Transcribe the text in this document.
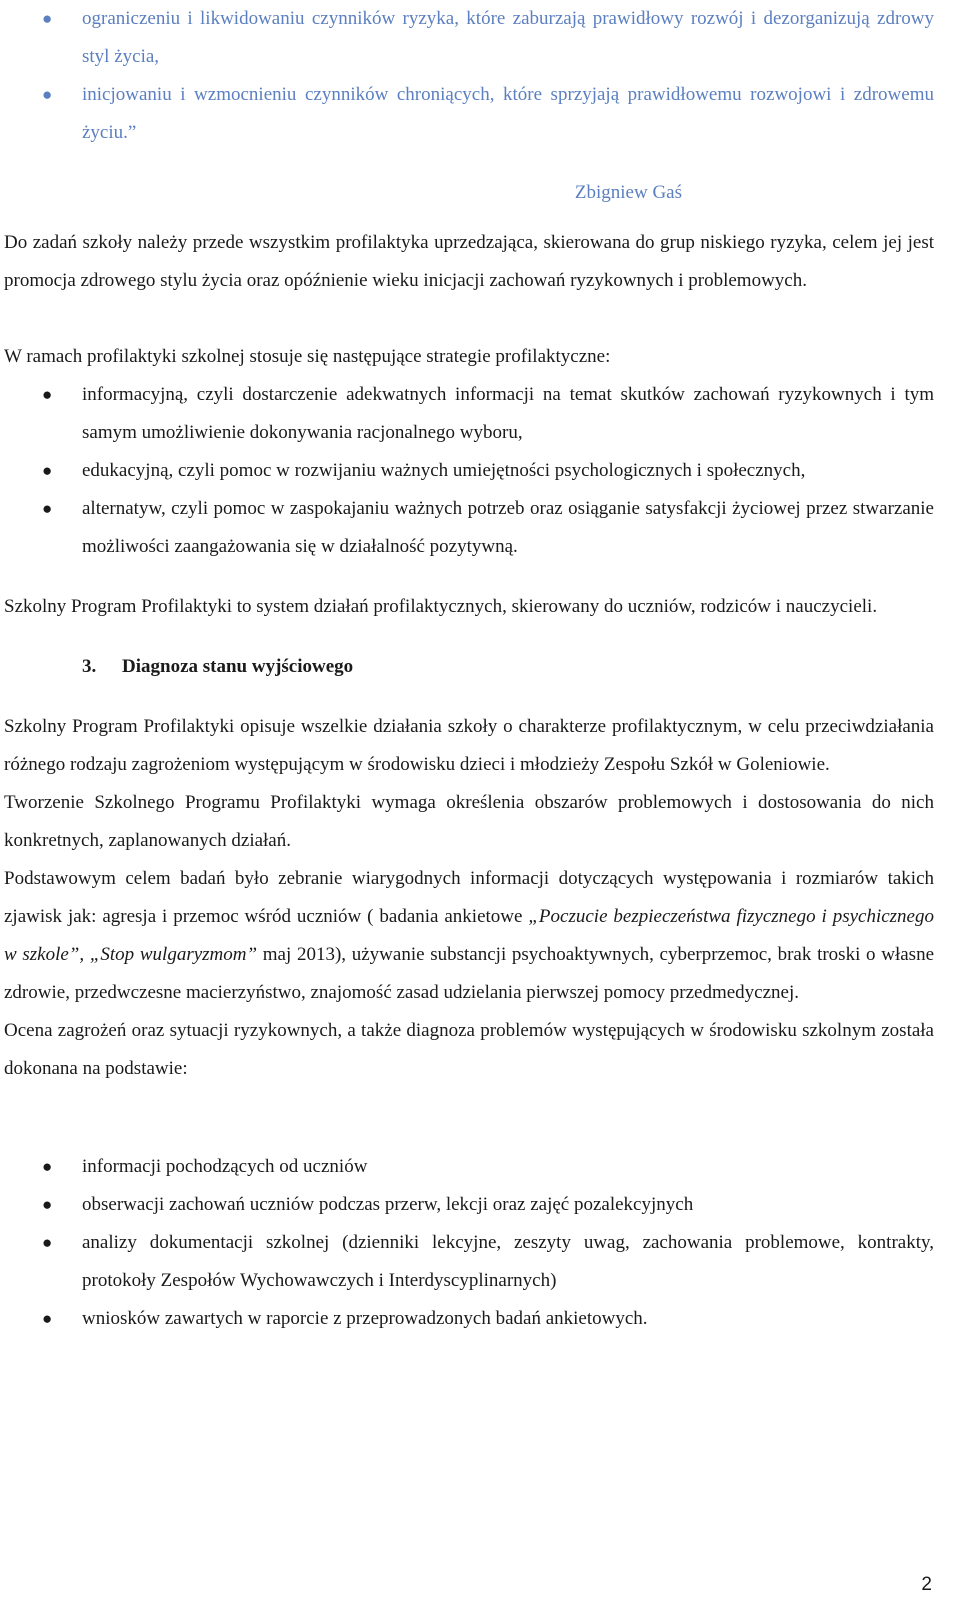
● ograniczeniu i likwidowaniu czynników ryzyka, które zaburzają prawidłowy rozwój i dezorganizują zdrowy styl życia,
● inicjowaniu i wzmocnieniu czynników chroniących, które sprzyjają prawidłowemu rozwojowi i zdrowemu życiu.”
Zbigniew Gaś

Do zadań szkoły należy przede wszystkim profilaktyka uprzedzająca, skierowana do grup niskiego ryzyka, celem jej jest promocja zdrowego stylu życia oraz opóźnienie wieku inicjacji zachowań ryzykownych i problemowych.

W ramach profilaktyki szkolnej stosuje się następujące strategie profilaktyczne:

● informacyjną, czyli dostarczenie adekwatnych informacji na temat skutków zachowań ryzykownych i tym samym umożliwienie dokonywania racjonalnego wyboru,
● edukacyjną, czyli pomoc w rozwijaniu ważnych umiejętności psychologicznych i społecznych,
● alternatyw, czyli pomoc w zaspokajaniu ważnych potrzeb oraz osiąganie satysfakcji życiowej przez stwarzanie możliwości zaangażowania się w działalność pozytywną.

Szkolny Program Profilaktyki to system działań profilaktycznych, skierowany do uczniów, rodziców i nauczycieli.

3. Diagnoza stanu wyjściowego

Szkolny Program Profilaktyki opisuje wszelkie działania szkoły o charakterze profilaktycznym, w celu przeciwdziałania różnego rodzaju zagrożeniom występującym w środowisku dzieci i młodzieży Zespołu Szkół w Goleniowie.

Tworzenie Szkolnego Programu Profilaktyki wymaga określenia obszarów problemowych i dostosowania do nich konkretnych, zaplanowanych działań.

Podstawowym celem badań było zebranie wiarygodnych informacji dotyczących występowania i rozmiarów takich zjawisk jak: agresja i przemoc wśród uczniów ( badania ankietowe „Poczucie bezpieczeństwa fizycznego i psychicznego w szkole”, „Stop wulgaryzmom” maj 2013), używanie substancji psychoaktywnych, cyberprzemoc, brak troski o własne zdrowie, przedwczesne macierzyństwo, znajomość zasad udzielania pierwszej pomocy przedmedycznej.

Ocena zagrożeń oraz sytuacji ryzykownych, a także diagnoza problemów występujących w środowisku szkolnym została dokonana na podstawie:

● informacji pochodzących od uczniów
● obserwacji zachowań uczniów podczas przerw, lekcji oraz zajęć pozalekcyjnych
● analizy dokumentacji szkolnej (dzienniki lekcyjne, zeszyty uwag, zachowania problemowe, kontrakty, protokoły Zespołów Wychowawczych i Interdyscyplinarnych)
● wniosków zawartych w raporcie z przeprowadzonych badań ankietowych.
2
